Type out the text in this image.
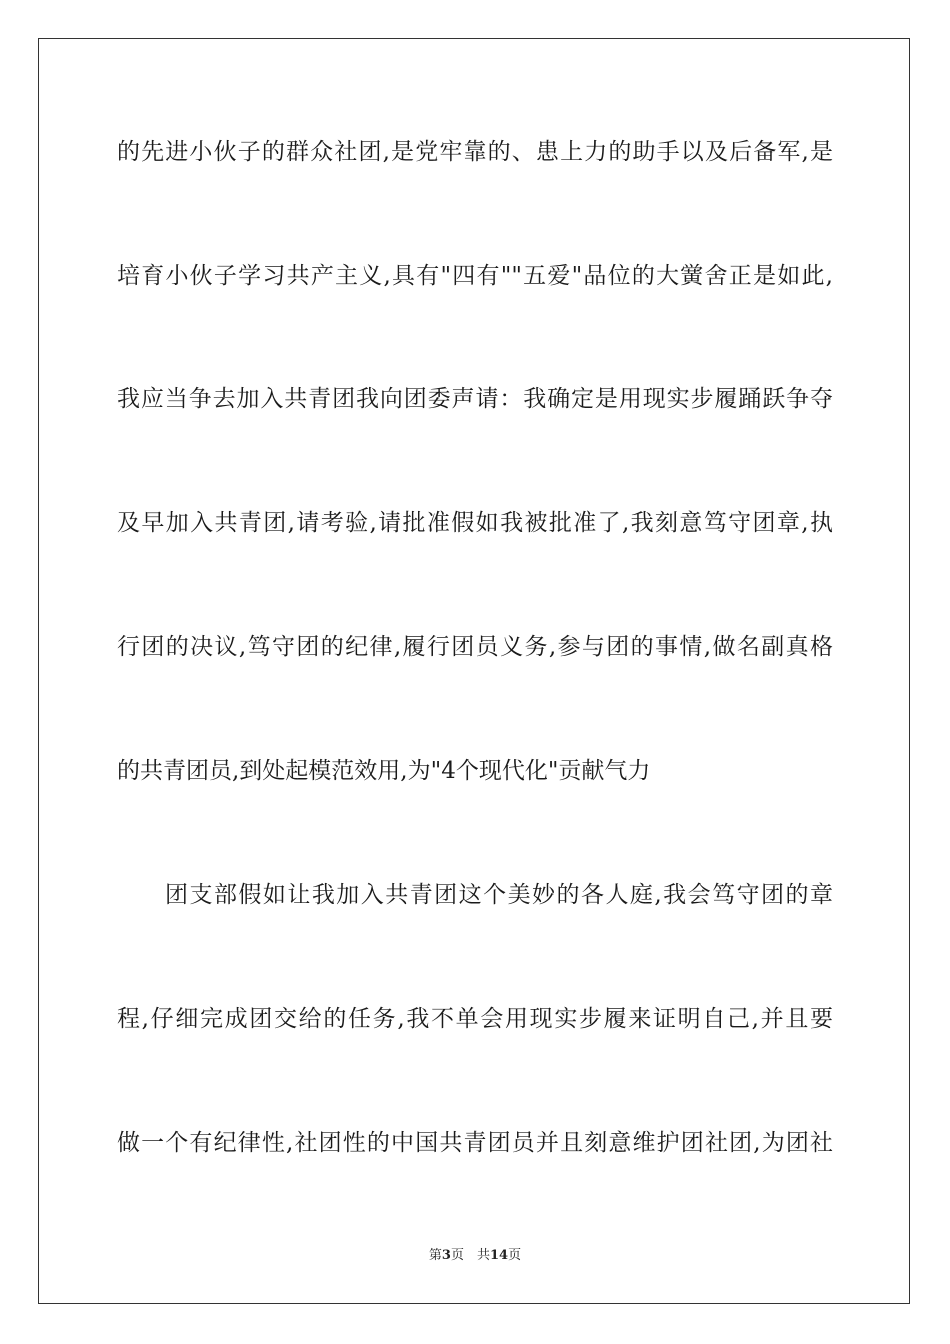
的先进小伙子的群众社团,是党牢靠的、患上力的助手以及后备军,是
培育小伙子学习共产主义,具有"四有""五爱"品位的大黉舍正是如此,
我应当争去加入共青团我向团委声请：我确定是用现实步履踊跃争夺
及早加入共青团,请考验,请批准假如我被批准了,我刻意笃守团章,执
行团的决议,笃守团的纪律,履行团员义务,参与团的事情,做名副真格
的共青团员,到处起模范效用,为"4个现代化"贡献气力
团支部假如让我加入共青团这个美妙的各人庭,我会笃守团的章
程,仔细完成团交给的任务,我不单会用现实步履来证明自己,并且要
做一个有纪律性,社团性的中国共青团员并且刻意维护团社团,为团社
第3页　共14页
